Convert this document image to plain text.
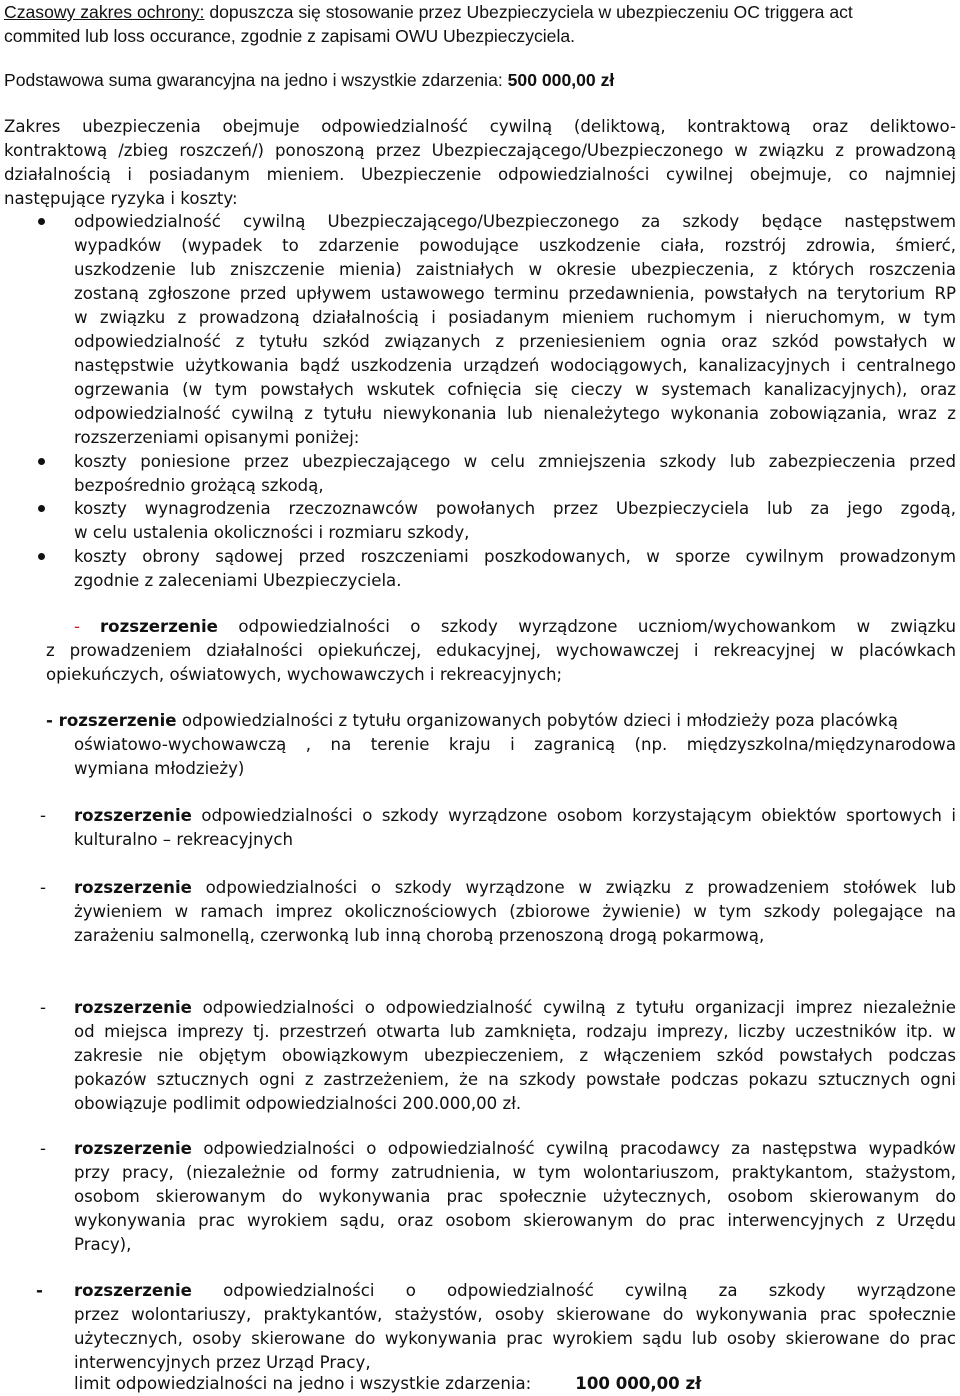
Czasowy zakres ochrony: dopuszcza się stosowanie przez Ubezpieczyciela w ubezpieczeniu OC triggera act
commited lub loss occurance, zgodnie z zapisami OWU Ubezpieczyciela.
Podstawowa suma gwarancyjna na jedno i wszystkie zdarzenia: 500 000,00 zł
Zakres ubezpieczenia obejmuje odpowiedzialność cywilną (deliktową, kontraktową oraz deliktowo-
kontraktową /zbieg roszczeń/) ponoszoną przez Ubezpieczającego/Ubezpieczonego w związku z prowadzoną
działalnością i posiadanym mieniem. Ubezpieczenie odpowiedzialności cywilnej obejmuje, co najmniej
następujące ryzyka i koszty:
odpowiedzialność cywilną Ubezpieczającego/Ubezpieczonego za szkody będące następstwem
wypadków (wypadek to zdarzenie powodujące uszkodzenie ciała, rozstrój zdrowia, śmierć,
uszkodzenie lub zniszczenie mienia) zaistniałych w okresie ubezpieczenia, z których roszczenia
zostaną zgłoszone przed upływem ustawowego terminu przedawnienia, powstałych na terytorium RP
w związku z prowadzoną działalnością i posiadanym mieniem ruchomym i nieruchomym, w tym
odpowiedzialność z tytułu szkód związanych z przeniesieniem ognia oraz szkód powstałych w
następstwie użytkowania bądź uszkodzenia urządzeń wodociągowych, kanalizacyjnych i centralnego
ogrzewania (w tym powstałych wskutek cofnięcia się cieczy w systemach kanalizacyjnych), oraz
odpowiedzialność cywilną z tytułu niewykonania lub nienależytego wykonania zobowiązania, wraz z
rozszerzeniami opisanymi poniżej:
koszty poniesione przez ubezpieczającego w celu zmniejszenia szkody lub zabezpieczenia przed
bezpośrednio grożącą szkodą,
koszty wynagrodzenia rzeczoznawców powołanych przez Ubezpieczyciela lub za jego zgodą,
w celu ustalenia okoliczności i rozmiaru szkody,
koszty obrony sądowej przed roszczeniami poszkodowanych, w sporze cywilnym prowadzonym
zgodnie z zaleceniami Ubezpieczyciela.
- rozszerzenie odpowiedzialności o szkody wyrządzone uczniom/wychowankom w związku
z prowadzeniem działalności opiekuńczej, edukacyjnej, wychowawczej i rekreacyjnej w placówkach
opiekuńczych, oświatowych, wychowawczych i rekreacyjnych;
- rozszerzenie odpowiedzialności z tytułu organizowanych pobytów dzieci i młodzieży poza placówką
oświatowo-wychowawczą , na terenie kraju i zagranicą (np. międzyszkolna/międzynarodowa
wymiana młodzieży)
- rozszerzenie odpowiedzialności o szkody wyrządzone osobom korzystającym obiektów sportowych i
kulturalno – rekreacyjnych
- rozszerzenie odpowiedzialności o szkody wyrządzone w związku z prowadzeniem stołówek lub
żywieniem w ramach imprez okolicznościowych (zbiorowe żywienie) w tym szkody polegające na
zarażeniu salmonellą, czerwonką lub inną chorobą przenoszoną drogą pokarmową,
- rozszerzenie odpowiedzialności o odpowiedzialność cywilną z tytułu organizacji imprez niezależnie
od miejsca imprezy tj. przestrzeń otwarta lub zamknięta, rodzaju imprezy, liczby uczestników itp. w
zakresie nie objętym obowiązkowym ubezpieczeniem, z włączeniem szkód powstałych podczas
pokazów sztucznych ogni z zastrzeżeniem, że na szkody powstałe podczas pokazu sztucznych ogni
obowiązuje podlimit odpowiedzialności 200.000,00 zł.
- rozszerzenie odpowiedzialności o odpowiedzialność cywilną pracodawcy za następstwa wypadków
przy pracy, (niezależnie od formy zatrudnienia, w tym wolontariuszom, praktykantom, stażystom,
osobom skierowanym do wykonywania prac społecznie użytecznych, osobom skierowanym do
wykonywania prac wyrokiem sądu, oraz osobom skierowanym do prac interwencyjnych z Urzędu
Pracy),
- rozszerzenie odpowiedzialności o odpowiedzialność cywilną za szkody wyrządzone
przez wolontariuszy, praktykantów, stażystów, osoby skierowane do wykonywania prac społecznie
użytecznych, osoby skierowane do wykonywania prac wyrokiem sądu lub osoby skierowane do prac
interwencyjnych przez Urząd Pracy,
limit odpowiedzialności na jedno i wszystkie zdarzenia:	100 000,00 zł
